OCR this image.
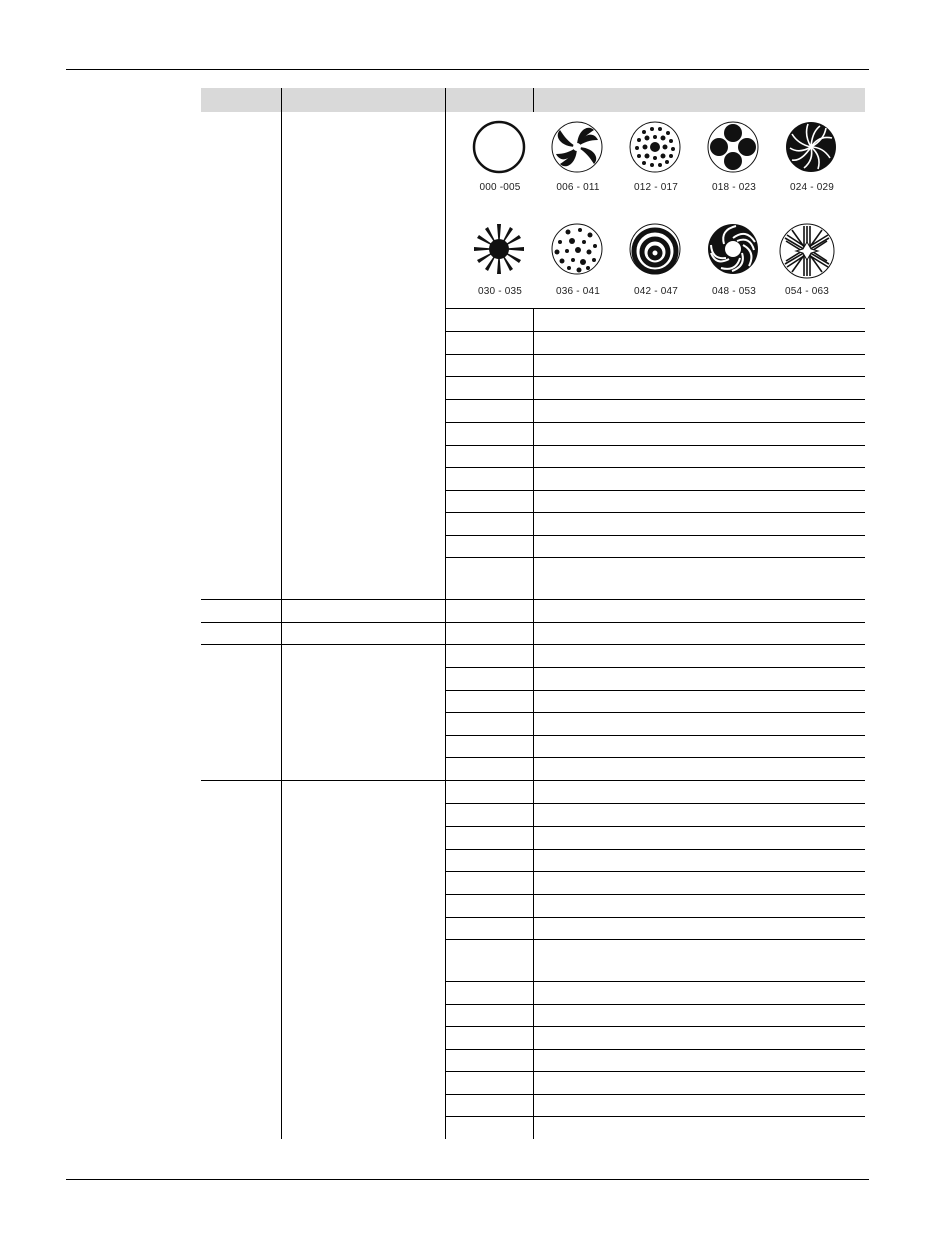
000 -005	006 - 011	012 - 017	018 - 023	024 - 029
030 - 035	036 - 041	042 - 047	048 - 053	054 - 063
